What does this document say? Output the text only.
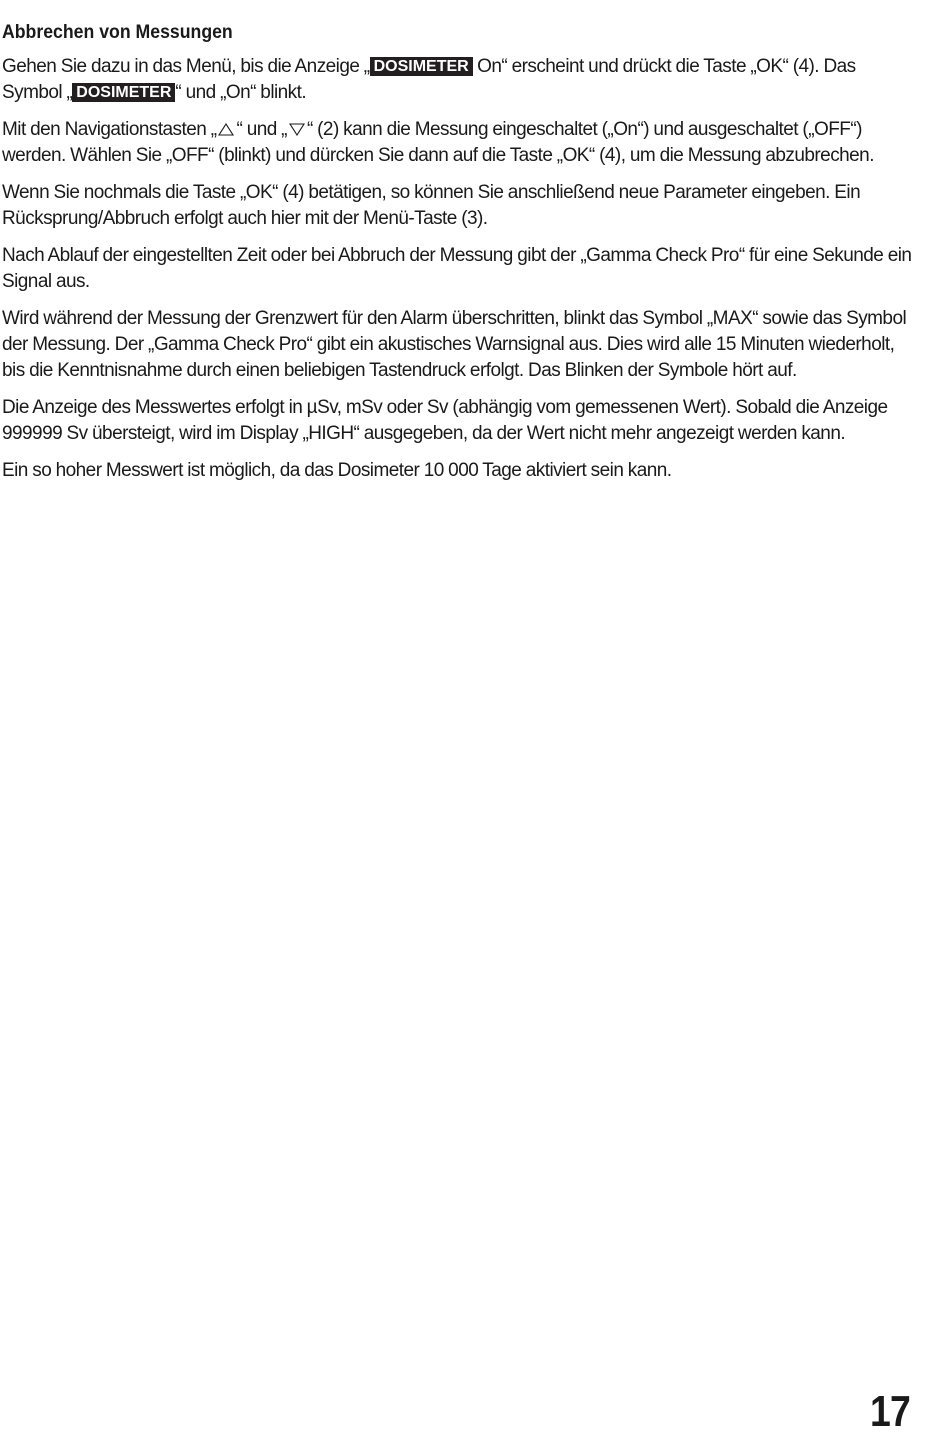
Abbrechen von Messungen

Gehen Sie dazu in das Menü, bis die Anzeige „ DOSIMETER On“ erscheint und drückt die Taste „OK“ (4). Das Symbol „ DOSIMETER “ und „On“ blinkt.

Mit den Navigationstasten „ “ und „ “ (2) kann die Messung eingeschaltet („On“) und ausgeschaltet („OFF“) werden. Wählen Sie „OFF“ (blinkt) und dürcken Sie dann auf die Taste „OK“ (4), um die Messung abzubrechen.

Wenn Sie nochmals die Taste „OK“ (4) betätigen, so können Sie anschließend neue Parameter eingeben. Ein Rücksprung/Abbruch erfolgt auch hier mit der Menü-Taste (3).

Nach Ablauf der eingestellten Zeit oder bei Abbruch der Messung gibt der „Gamma Check Pro“ für eine Sekunde ein Signal aus.

Wird während der Messung der Grenzwert für den Alarm überschritten, blinkt das Symbol „MAX“ sowie das Symbol der Messung. Der „Gamma Check Pro“ gibt ein akustisches Warnsignal aus. Dies wird alle 15 Minuten wiederholt, bis die Kenntnisnahme durch einen beliebigen Tastendruck erfolgt. Das Blinken der Symbole hört auf.

Die Anzeige des Messwertes erfolgt in µSv, mSv oder Sv (abhängig vom gemessenen Wert). Sobald die Anzeige 999999 Sv übersteigt, wird im Display „HIGH“ ausgegeben, da der Wert nicht mehr angezeigt werden kann.

Ein so hoher Messwert ist möglich, da das Dosimeter 10 000 Tage aktiviert sein kann.

17
